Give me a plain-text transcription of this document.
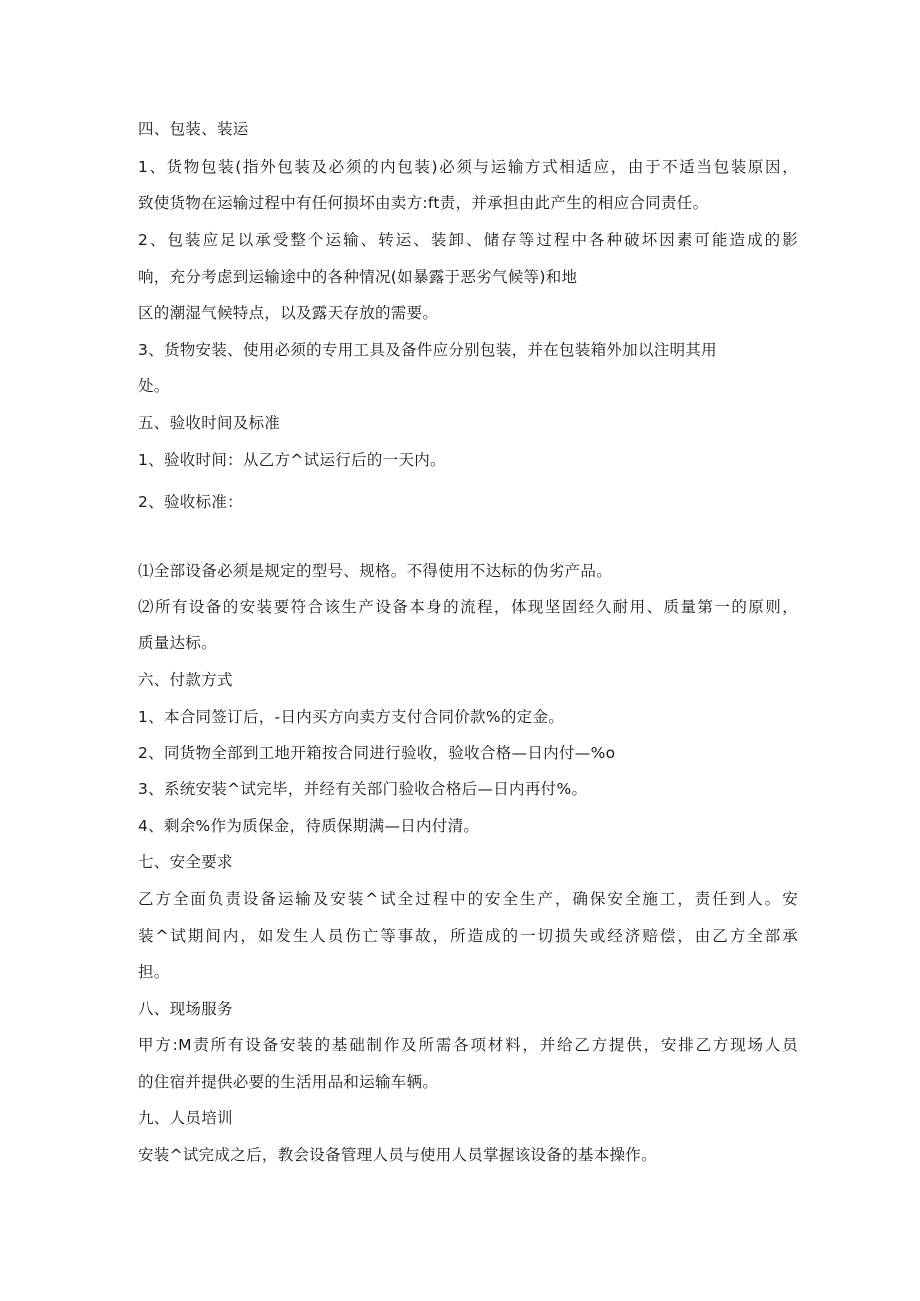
四、包装、装运
1、货物包装(指外包装及必须的内包装)必须与运输方式相适应，由于不适当包装原因，
致使货物在运输过程中有任何损坏由卖方:ft责，并承担由此产生的相应合同责任。
2、包装应足以承受整个运输、转运、装卸、储存等过程中各种破坏因素可能造成的影
响，充分考虑到运输途中的各种情况(如暴露于恶劣气候等)和地
区的潮湿气候特点，以及露天存放的需要。
3、货物安装、使用必须的专用工具及备件应分别包装，并在包装箱外加以注明其用
处。
五、验收时间及标准
1、验收时间：从乙方^试运行后的一天内。
2、验收标准：
⑴全部设备必须是规定的型号、规格。不得使用不达标的伪劣产品。
⑵所有设备的安装要符合该生产设备本身的流程，体现坚固经久耐用、质量第一的原则，
质量达标。
六、付款方式
1、本合同签订后，-日内买方向卖方支付合同价款%的定金。
2、同货物全部到工地开箱按合同进行验收，验收合格—日内付—%o
3、系统安装^试完毕，并经有关部门验收合格后—日内再付%。
4、剩余%作为质保金，待质保期满—日内付清。
七、安全要求
乙方全面负责设备运输及安装^试全过程中的安全生产，确保安全施工，责任到人。安
装^试期间内，如发生人员伤亡等事故，所造成的一切损失或经济赔偿，由乙方全部承
担。
八、现场服务
甲方:M责所有设备安装的基础制作及所需各项材料，并给乙方提供，安排乙方现场人员
的住宿并提供必要的生活用品和运输车辆。
九、人员培训
安装^试完成之后，教会设备管理人员与使用人员掌握该设备的基本操作。
